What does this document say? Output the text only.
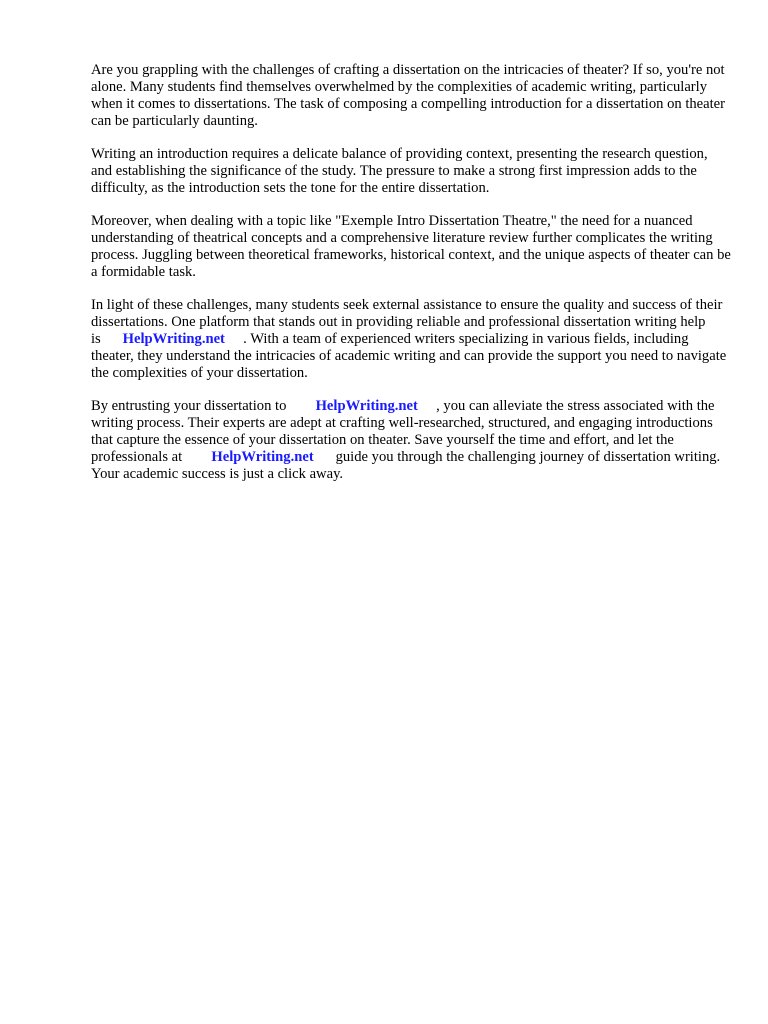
Are you grappling with the challenges of crafting a dissertation on the intricacies of theater? If so, you're not alone. Many students find themselves overwhelmed by the complexities of academic writing, particularly when it comes to dissertations. The task of composing a compelling introduction for a dissertation on theater can be particularly daunting.

Writing an introduction requires a delicate balance of providing context, presenting the research question, and establishing the significance of the study. The pressure to make a strong first impression adds to the difficulty, as the introduction sets the tone for the entire dissertation.

Moreover, when dealing with a topic like "Exemple Intro Dissertation Theatre," the need for a nuanced understanding of theatrical concepts and a comprehensive literature review further complicates the writing process. Juggling between theoretical frameworks, historical context, and the unique aspects of theater can be a formidable task.

In light of these challenges, many students seek external assistance to ensure the quality and success of their dissertations. One platform that stands out in providing reliable and professional dissertation writing help is HelpWriting.net . With a team of experienced writers specializing in various fields, including theater, they understand the intricacies of academic writing and can provide the support you need to navigate the complexities of your dissertation.

By entrusting your dissertation to HelpWriting.net , you can alleviate the stress associated with the writing process. Their experts are adept at crafting well-researched, structured, and engaging introductions that capture the essence of your dissertation on theater. Save yourself the time and effort, and let the professionals at HelpWriting.net guide you through the challenging journey of dissertation writing. Your academic success is just a click away.
